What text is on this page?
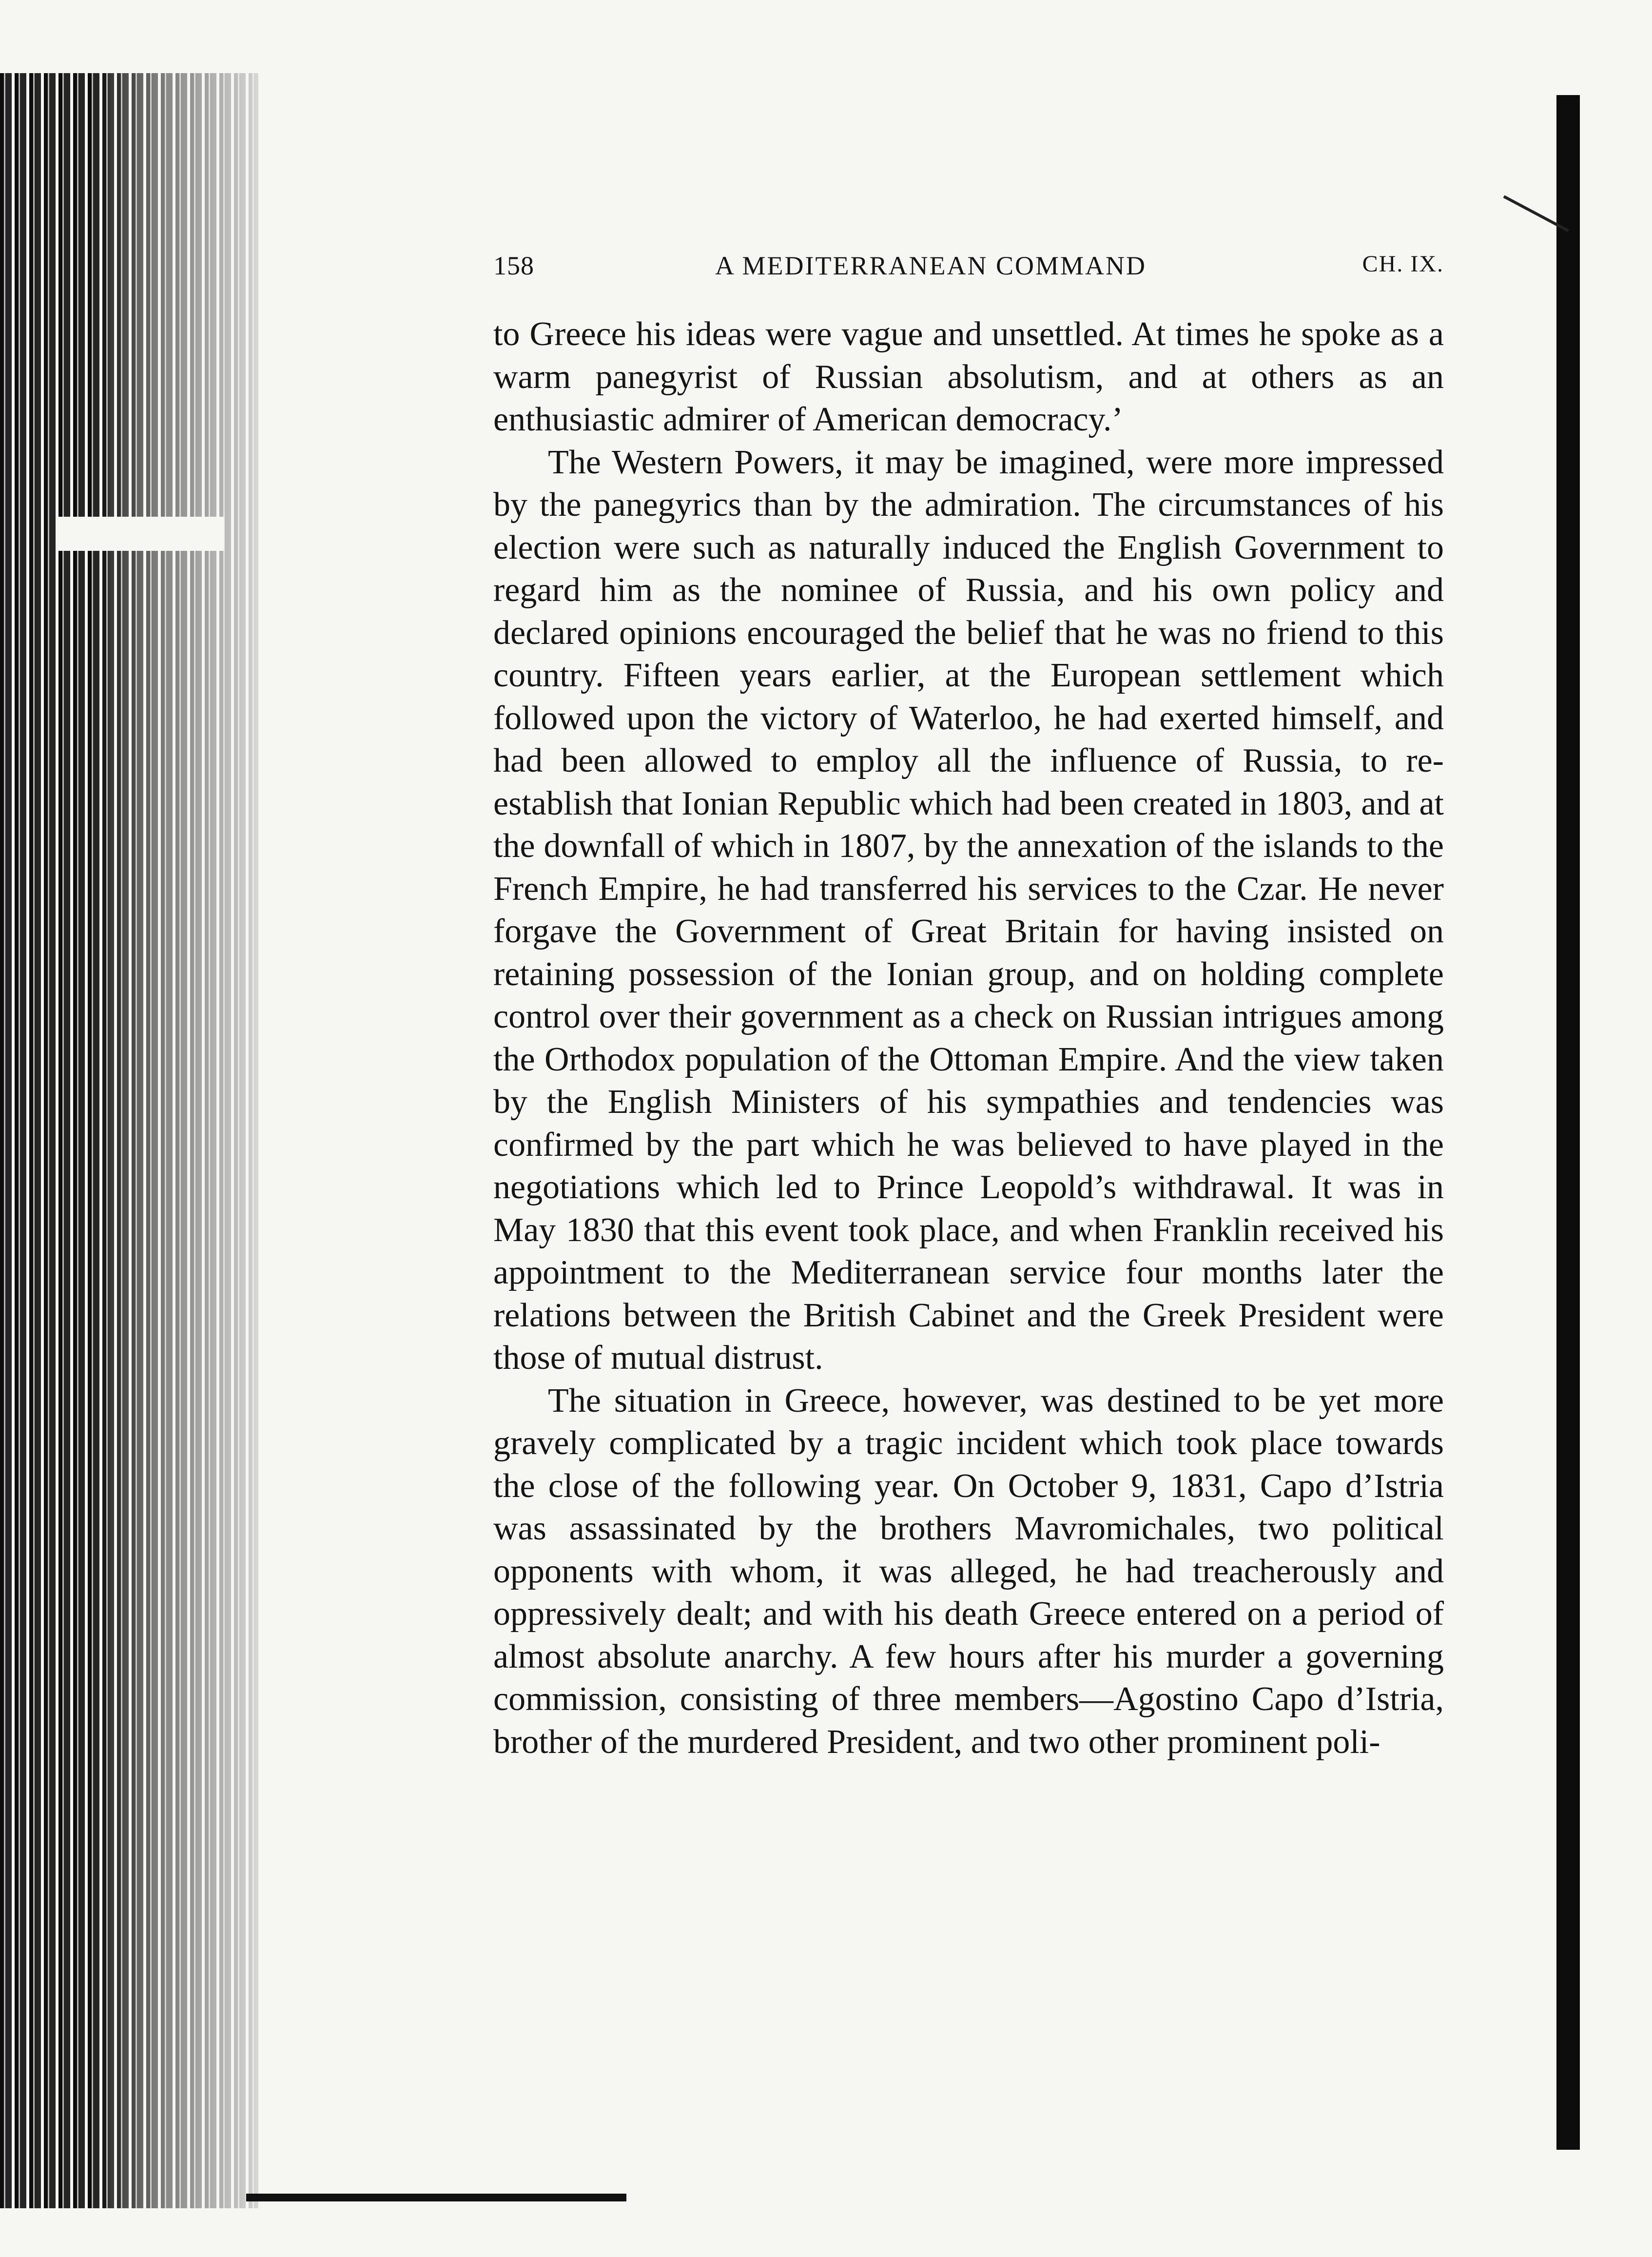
158	A MEDITERRANEAN COMMAND	CH. IX.

to Greece his ideas were vague and unsettled. At times he spoke as a warm panegyrist of Russian absolutism, and at others as an enthusiastic admirer of American democracy.’

The Western Powers, it may be imagined, were more impressed by the panegyrics than by the admiration. The circumstances of his election were such as naturally induced the English Government to regard him as the nominee of Russia, and his own policy and declared opinions encouraged the belief that he was no friend to this country. Fifteen years earlier, at the European settlement which followed upon the victory of Waterloo, he had exerted himself, and had been allowed to employ all the influence of Russia, to re-establish that Ionian Republic which had been created in 1803, and at the downfall of which in 1807, by the annexation of the islands to the French Empire, he had transferred his services to the Czar. He never forgave the Government of Great Britain for having insisted on retaining possession of the Ionian group, and on holding complete control over their government as a check on Russian intrigues among the Orthodox population of the Ottoman Empire. And the view taken by the English Ministers of his sympathies and tendencies was confirmed by the part which he was believed to have played in the negotiations which led to Prince Leopold’s withdrawal. It was in May 1830 that this event took place, and when Franklin received his appointment to the Mediterranean service four months later the relations between the British Cabinet and the Greek President were those of mutual distrust.

The situation in Greece, however, was destined to be yet more gravely complicated by a tragic incident which took place towards the close of the following year. On October 9, 1831, Capo d’Istria was assassinated by the brothers Mavromichales, two political opponents with whom, it was alleged, he had treacherously and oppressively dealt; and with his death Greece entered on a period of almost absolute anarchy. A few hours after his murder a governing commission, consisting of three members—Agostino Capo d’Istria, brother of the murdered President, and two other prominent poli-
